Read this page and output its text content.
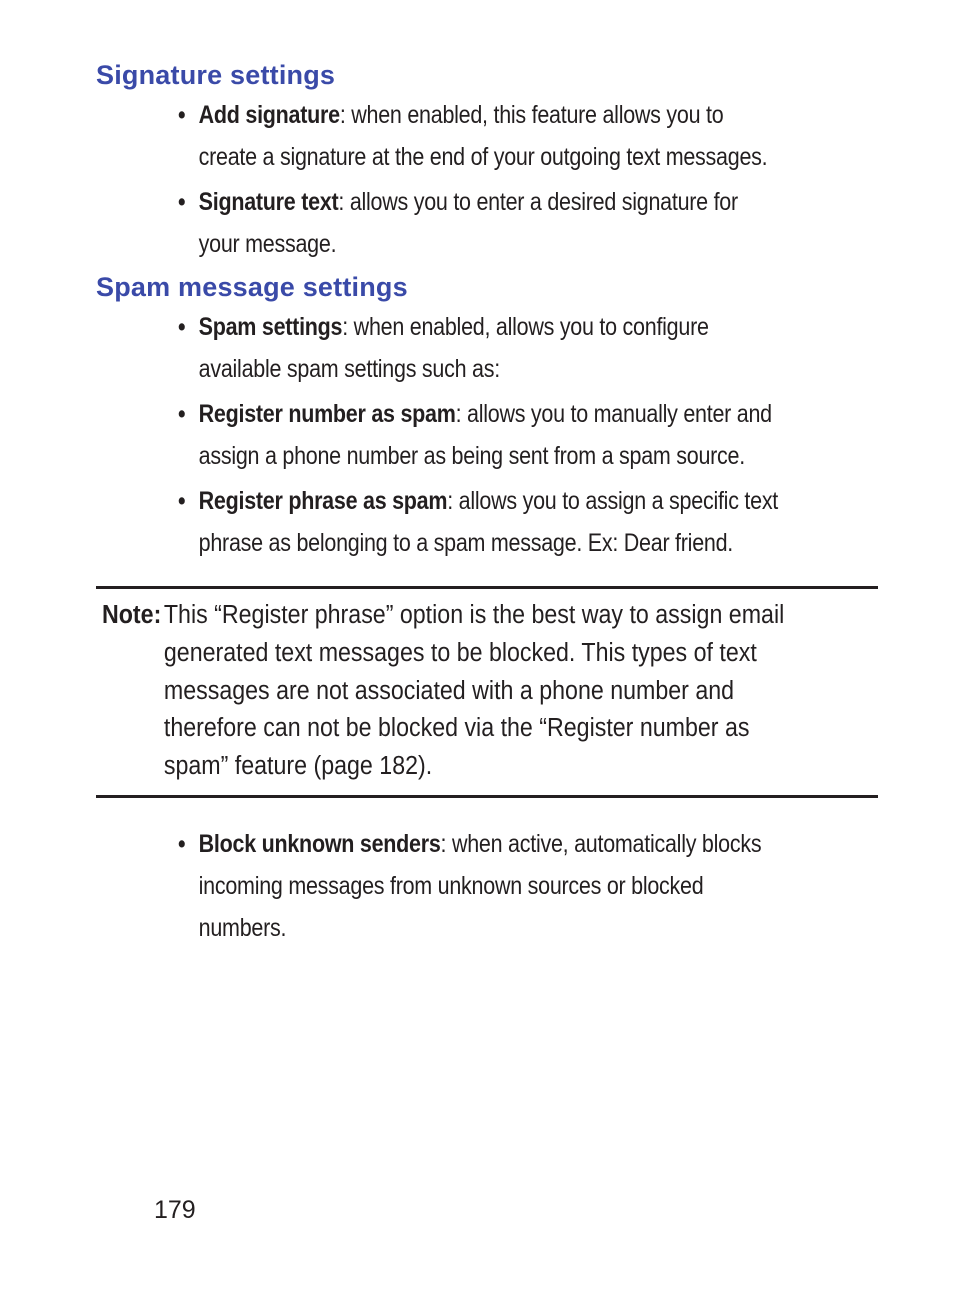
Signature settings
• Add signature: when enabled, this feature allows you to create a signature at the end of your outgoing text messages.
• Signature text: allows you to enter a desired signature for your message.
Spam message settings
• Spam settings: when enabled, allows you to configure available spam settings such as:
• Register number as spam: allows you to manually enter and assign a phone number as being sent from a spam source.
• Register phrase as spam: allows you to assign a specific text phrase as belonging to a spam message. Ex: Dear friend.
Note: This “Register phrase” option is the best way to assign email generated text messages to be blocked. This types of text messages are not associated with a phone number and therefore can not be blocked via the “Register number as spam” feature (page 182).
• Block unknown senders: when active, automatically blocks incoming messages from unknown sources or blocked numbers.
179
